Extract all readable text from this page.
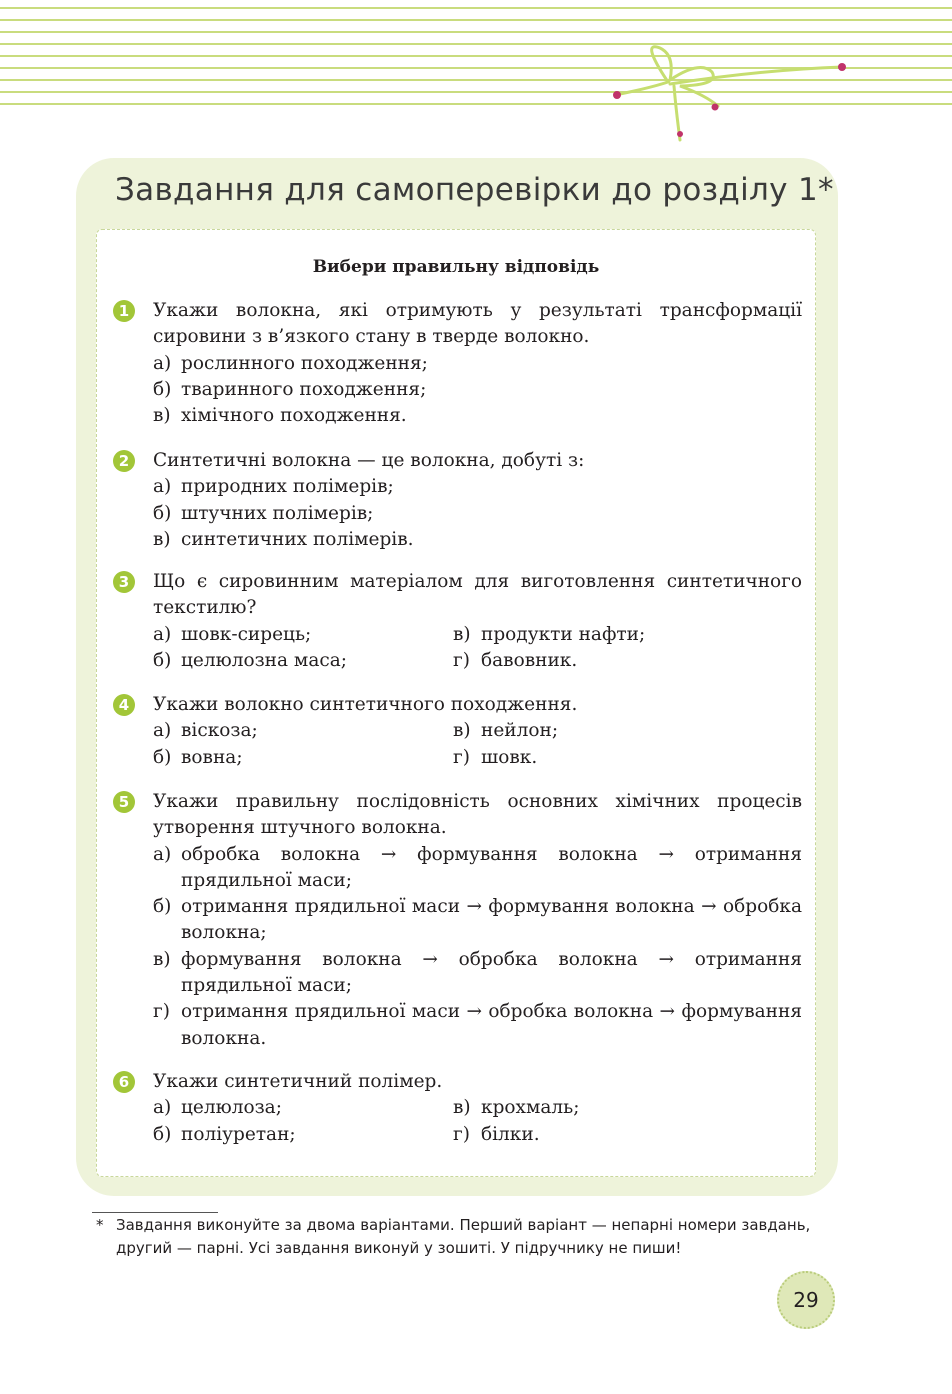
Завдання для самоперевірки до розділу 1*
Вибери правильну відповідь
1	Укажи волокна, які отримують у результаті трансформації сировини з в’язкого стану в тверде волокно.
а) рослинного походження;
б) тваринного походження;
в) хімічного походження.
2	Синтетичні волокна — це волокна, добуті з:
а) природних полімерів;
б) штучних полімерів;
в) синтетичних полімерів.
3	Що є сировинним матеріалом для виготовлення синтетичного текстилю?
а) шовк-сирець;	в) продукти нафти;
б) целюлозна маса;	г) бавовник.
4	Укажи волокно синтетичного походження.
а) віскоза;	в) нейлон;
б) вовна;	г) шовк.
5	Укажи правильну послідовність основних хімічних процесів утворення штучного волокна.
а) обробка волокна → формування волокна → отримання прядильної маси;
б) отримання прядильної маси → формування волокна → обробка волокна;
в) формування волокна → обробка волокна → отримання прядильної маси;
г) отримання прядильної маси → обробка волокна → формування волокна.
6	Укажи синтетичний полімер.
а) целюлоза;	в) крохмаль;
б) поліуретан;	г) білки.
* Завдання виконуйте за двома варіантами. Перший варіант — непарні номери завдань, другий — парні. Усі завдання виконуй у зошиті. У підручнику не пиши!
29
